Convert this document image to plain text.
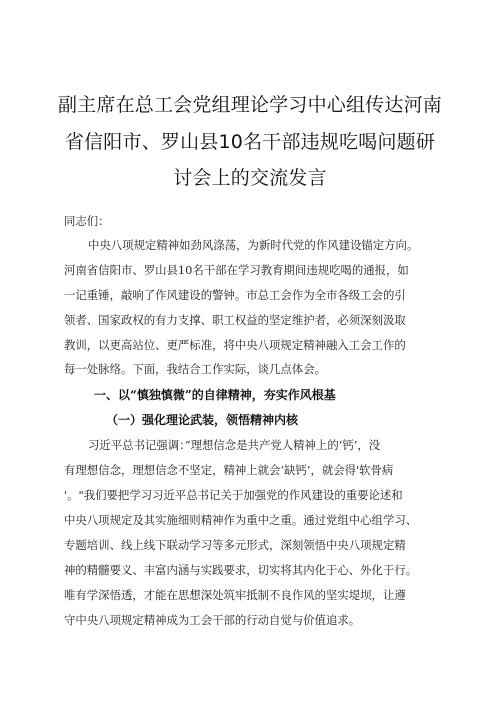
副主席在总工会党组理论学习中心组传达河南
省信阳市、罗山县10名干部违规吃喝问题研
讨会上的交流发言
同志们：
中央八项规定精神如劲风涤荡，为新时代党的作风建设锚定方向。
河南省信阳市、罗山县10名干部在学习教育期间违规吃喝的通报，如
一记重锤，敲响了作风建设的警钟。市总工会作为全市各级工会的引
领者、国家政权的有力支撑、职工权益的坚定维护者，必须深刻汲取
教训，以更高站位、更严标准，将中央八项规定精神融入工会工作的
每一处脉络。下面，我结合工作实际，谈几点体会。
一、以“慎独慎微”的自律精神，夯实作风根基
（一）强化理论武装，领悟精神内核
习近平总书记强调：”理想信念是共产党人精神上的‘钙’，没
有理想信念，理想信念不坚定，精神上就会‘缺钙’，就会得'软骨病
'。"我们要把学习习近平总书记关于加强党的作风建设的重要论述和
中央八项规定及其实施细则精神作为重中之重。通过党组中心组学习、
专题培训、线上线下联动学习等多元形式，深刻领悟中央八项规定精
神的精髓要义、丰富内涵与实践要求，切实将其内化于心、外化于行。
唯有学深悟透，才能在思想深处筑牢抵制不良作风的坚实堤坝，让遵
守中央八项规定精神成为工会干部的行动自觉与价值追求。
